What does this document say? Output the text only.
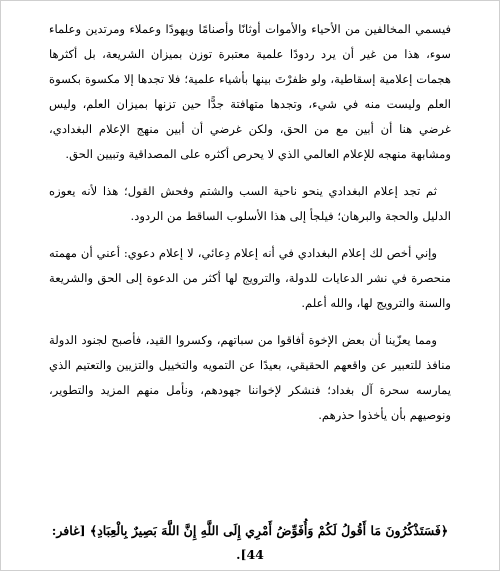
فيسمي المخالفين من الأحياء والأموات أوثانًا وأصنامًا ويهودًا وعملاء ومرتدين وعلماء سوء، هذا من غير أن يرد ردودًا علمية معتبرة توزن بميزان الشريعة، بل أكثرها هجمات إعلامية إسقاطية، ولو ظفرْتَ بينها بأشياء علمية؛ فلا تجدها إلا مكسوة بكسوة العلم وليست منه في شيء، وتجدها متهافتة جدًّا حين تزنها بميزان العلم، وليس غرضي هنا أن أبين مع من الحق، ولكن غرضي أن أبين منهج الإعلام البغدادي، ومشابهة منهجه للإعلام العالمي الذي لا يحرص أكثره على المصداقية وتبيين الحق.

ثم تجد إعلام البغدادي ينحو ناحية السب والشتم وفحش القول؛ هذا لأنه يعوزه الدليل والحجة والبرهان؛ فيلجأ إلى هذا الأسلوب الساقط من الردود.

وإني أخص لك إعلام البغدادي في أنه إعلام دِعائي، لا إعلام دعوي: أعني أن مهمته منحصرة في نشر الدعايات للدولة، والترويج لها أكثر من الدعوة إلى الحق والشريعة والسنة والترويج لها، والله أعلم.

ومما يعزّينا أن بعض الإخوة أفاقوا من سباتهم، وكسروا القيد، فأصبح لجنود الدولة منافذ للتعبير عن واقعهم الحقيقي، بعيدًا عن التمويه والتخييل والتزيين والتعتيم الذي يمارسه سحرة آل بغداد؛ فنشكر لإخواننا جهودهم، ونأمل منهم المزيد والتطوير، ونوصيهم بأن يأخذوا حذرهم.

﴿فَسَتَذْكُرُونَ مَا أَقُولُ لَكُمْ وَأُفَوِّضُ أَمْرِي إِلَى اللَّهِ إِنَّ اللَّهَ بَصِيرٌ بِالْعِبَادِ﴾ [غافر: 44].
